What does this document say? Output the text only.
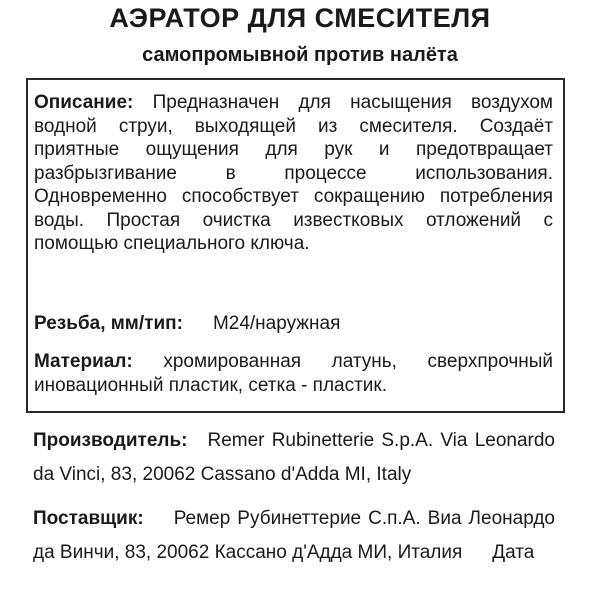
АЭРАТОР ДЛЯ СМЕСИТЕЛЯ
самопромывной против налёта
Описание: Предназначен для насыщения воздухом водной струи, выходящей из смесителя. Создаёт приятные ощущения для рук и предотвращает разбрызгивание в процессе использования. Одновременно способствует сокращению потребления воды. Простая очистка известковых отложений с помощью специального ключа.
Резьба, мм/тип: М24/наружная
Материал: хромированная латунь, сверхпрочный иновационный пластик, сетка - пластик.
Производитель: Remer Rubinetterie S.p.A. Via Leonardo da Vinci, 83, 20062 Cassano d'Adda MI, Italy
Поставщик: Ремер Рубинеттерие С.п.А. Виа Леонардо да Винчи, 83, 20062 Кассано д'Адда МИ, Италия Дата
